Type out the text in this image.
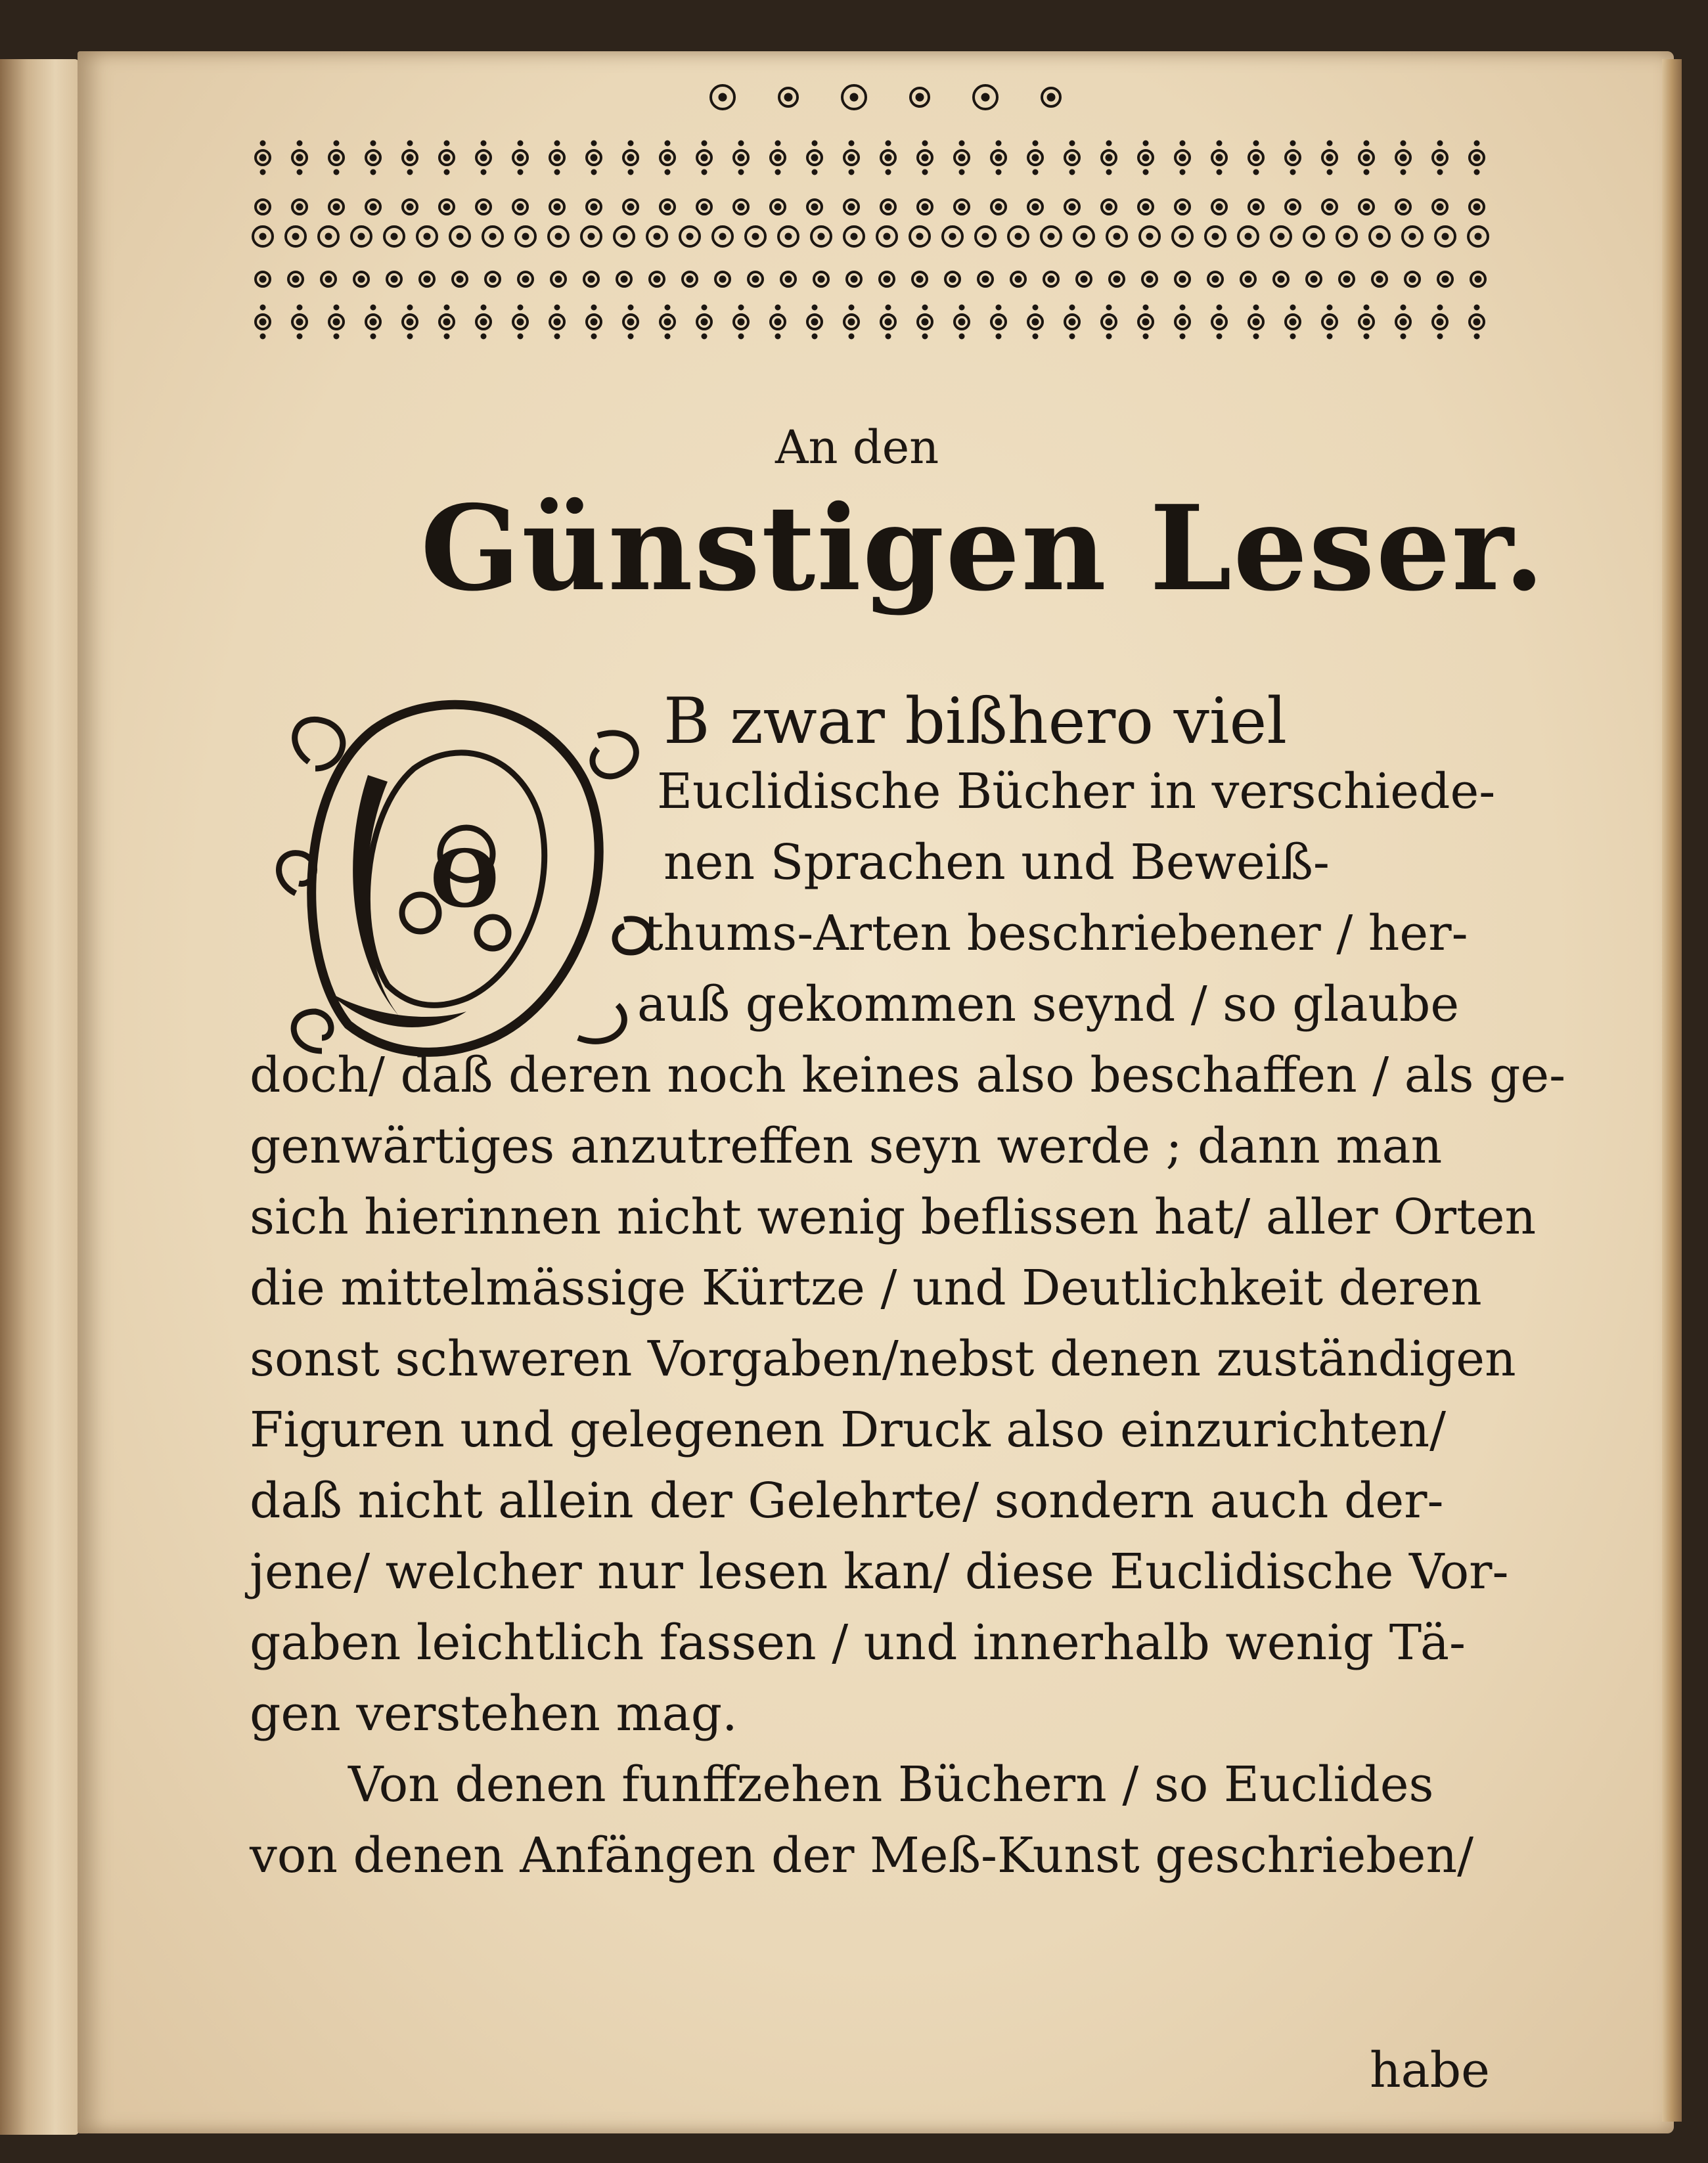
An den
Günstigen Leser.
O
B zwar bißhero viel
Euclidische Bücher in verschiede-
nen Sprachen und Beweiß-
thums-Arten beschriebener / her-
auß gekommen seynd / so glaube
doch/ daß deren noch keines also beschaffen / als ge-
genwärtiges anzutreffen seyn werde ; dann man
sich hierinnen nicht wenig beflissen hat/ aller Orten
die mittelmässige Kürtze / und Deutlichkeit deren
sonst schweren Vorgaben/nebst denen zuständigen
Figuren und gelegenen Druck also einzurichten/
daß nicht allein der Gelehrte/ sondern auch der-
jene/ welcher nur lesen kan/ diese Euclidische Vor-
gaben leichtlich fassen / und innerhalb wenig Tä-
gen verstehen mag.
Von denen funffzehen Büchern / so Euclides
von denen Anfängen der Meß-Kunst geschrieben/
habe
